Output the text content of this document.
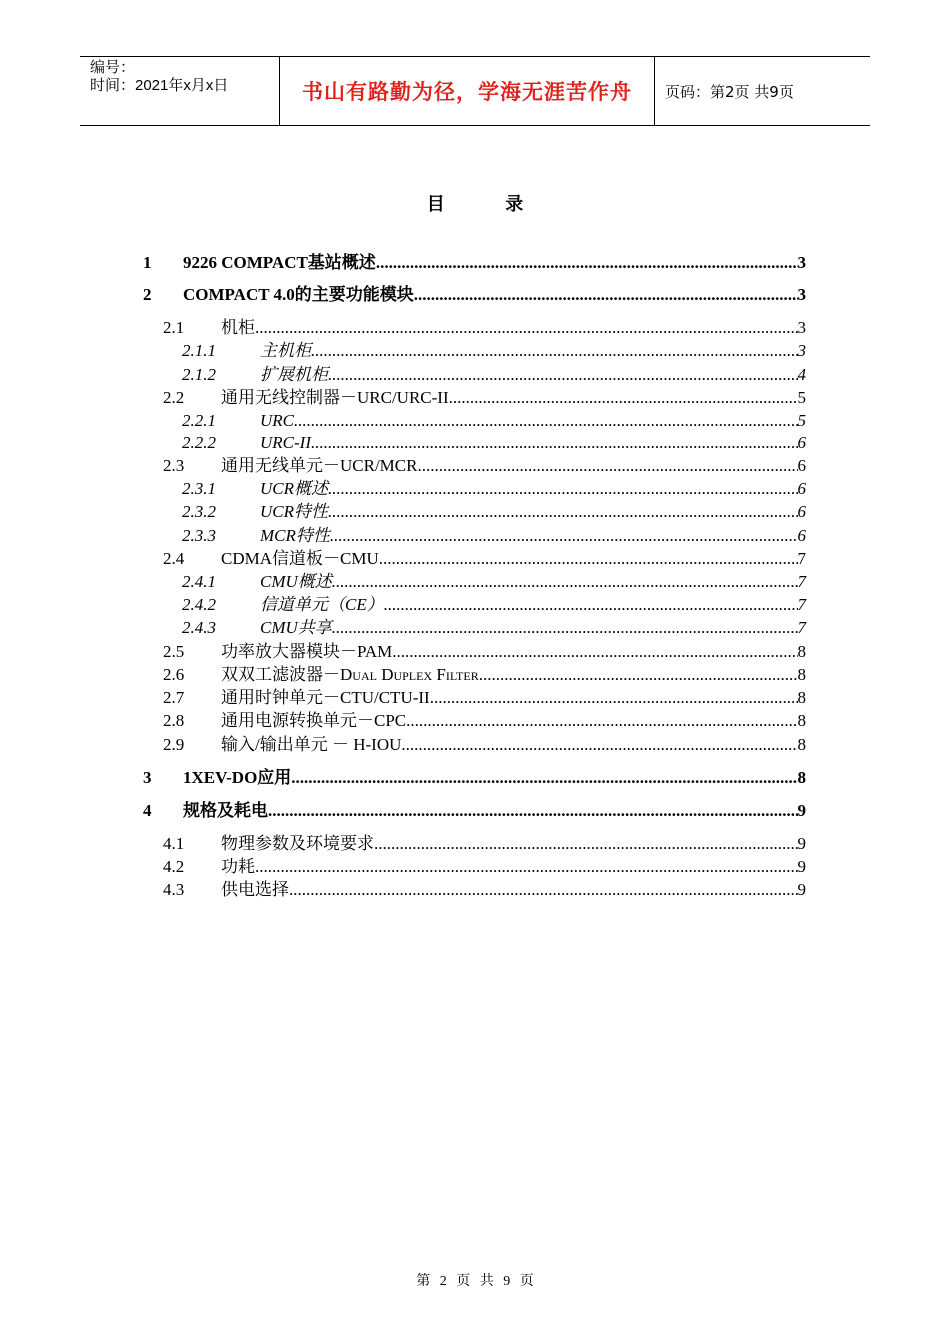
编号：
时间：2021年x月x日	书山有路勤为径，学海无涯苦作舟	页码：第2页 共9页
目 录
1	9226 COMPACT基站概述 .....	3
2	COMPACT 4.0的主要功能模块 .....	3
2.1	机柜 .....	3
2.1.1	主机柜 .....	3
2.1.2	扩展机柜 .....	4
2.2	通用无线控制器－URC/URC-II .....	5
2.2.1	URC .....	5
2.2.2	URC-II .....	6
2.3	通用无线单元－UCR/MCR .....	6
2.3.1	UCR概述 .....	6
2.3.2	UCR特性 .....	6
2.3.3	MCR特性 .....	6
2.4	CDMA信道板－CMU .....	7
2.4.1	CMU概述 .....	7
2.4.2	信道单元（CE） .....	7
2.4.3	CMU共享 .....	7
2.5	功率放大器模块－PAM .....	8
2.6	双双工滤波器－Dual Duplex Filter .....	8
2.7	通用时钟单元－CTU/CTU-II .....	8
2.8	通用电源转换单元－CPC .....	8
2.9	输入/输出单元 － H-IOU .....	8
3	1XEV-DO应用 .....	8
4	规格及耗电 .....	9
4.1	物理参数及环境要求 .....	9
4.2	功耗 .....	9
4.3	供电选择 .....	9
第 2 页 共 9 页
